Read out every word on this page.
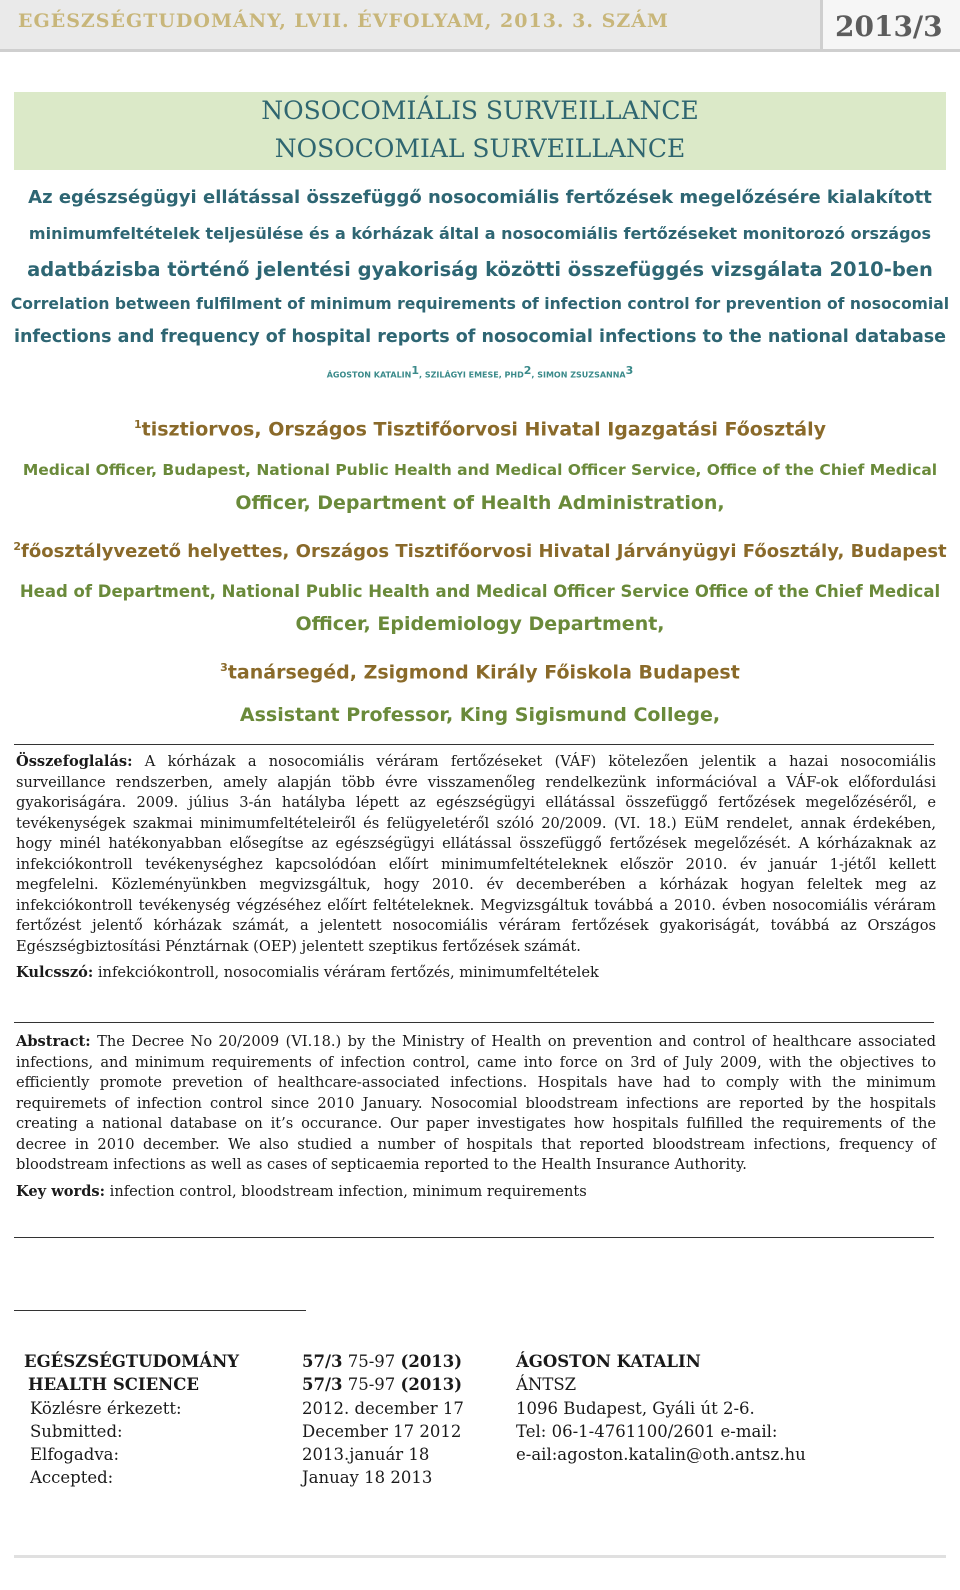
EGÉSZSÉGTUDOMÁNY, LVII. ÉVFOLYAM, 2013. 3. SZÁM	2013/3
NOSOCOMIÁLIS SURVEILLANCE
NOSOCOMIAL SURVEILLANCE
Az egészségügyi ellátással összefüggő nosocomiális fertőzések megelőzésére kialakított
minimumfeltételek teljesülése és a kórházak által a nosocomiális fertőzéseket monitorozó országos
adatbázisba történő jelentési gyakoriság közötti összefüggés vizsgálata 2010-ben
Correlation between fulfilment of minimum requirements of infection control for prevention of nosocomial
infections and frequency of hospital reports of nosocomial infections to the national database
ÁGOSTON KATALIN$^1$, SZILÁGYI EMESE, PHD$^2$, SIMON ZSUZSANNA$^3$
$^1$tisztiorvos, Országos Tisztifőorvosi Hivatal Igazgatási Főosztály
Medical Officer, Budapest, National Public Health and Medical Officer Service, Office of the Chief Medical
Officer, Department of Health Administration,
$^2$főosztályvezető helyettes, Országos Tisztifőorvosi Hivatal Járványügyi Főosztály, Budapest
Head of Department, National Public Health and Medical Officer Service Office of the Chief Medical
Officer, Epidemiology Department,
$^3$tanársegéd, Zsigmond Király Főiskola Budapest
Assistant Professor, King Sigismund College,
Összefoglalás: A kórházak a nosocomiális véráram fertőzéseket (VÁF) kötelezően jelentik a hazai nosocomiális surveillance rendszerben, amely alapján több évre visszamenőleg rendelkezünk információval a VÁF-ok előfordulási gyakoriságára. 2009. július 3-án hatályba lépett az egészségügyi ellátással összefüggő fertőzések megelőzéséről, e tevékenységek szakmai minimumfeltételeiről és felügyeletéről szóló 20/2009. (VI. 18.) EüM rendelet, annak érdekében, hogy minél hatékonyabban elősegítse az egészségügyi ellátással összefüggő fertőzések megelőzését. A kórházaknak az infekciókontroll tevékenységhez kapcsolódóan előírt minimumfeltételeknek először 2010. év január 1-jétől kellett megfelelni. Közleményünkben megvizsgáltuk, hogy 2010. év decemberében a kórházak hogyan feleltek meg az infekciókontroll tevékenység végzéséhez előírt feltételeknek. Megvizsgáltuk továbbá a 2010. évben nosocomiális véráram fertőzést jelentő kórházak számát, a jelentett nosocomiális véráram fertőzések gyakoriságát, továbbá az Országos Egészségbiztosítási Pénztárnak (OEP) jelentett szeptikus fertőzések számát.
Kulcsszó: infekciókontroll, nosocomialis véráram fertőzés, minimumfeltételek
Abstract: The Decree No 20/2009 (VI.18.) by the Ministry of Health on prevention and control of healthcare associated infections, and minimum requirements of infection control, came into force on 3rd of July 2009, with the objectives to efficiently promote prevetion of healthcare-associated infections. Hospitals have had to comply with the minimum requiremets of infection control since 2010 January. Nosocomial bloodstream infections are reported by the hospitals creating a national database on it’s occurance. Our paper investigates how hospitals fulfilled the requirements of the decree in 2010 december. We also studied a number of hospitals that reported bloodstream infections, frequency of bloodstream infections as well as cases of septicaemia reported to the Health Insurance Authority.
Key words: infection control, bloodstream infection, minimum requirements
EGÉSZSÉGTUDOMÁNY
HEALTH SCIENCE
Közlésre érkezett:
Submitted:
Elfogadva:
Accepted:
57/3 75-97 (2013)
57/3 75-97 (2013)
2012. december 17
December 17 2012
2013.január 18
Januay 18 2013
ÁGOSTON KATALIN
ÁNTSZ
1096 Budapest, Gyáli út 2-6.
Tel: 06-1-4761100/2601 e-mail:
e-ail:agoston.katalin@oth.antsz.hu
